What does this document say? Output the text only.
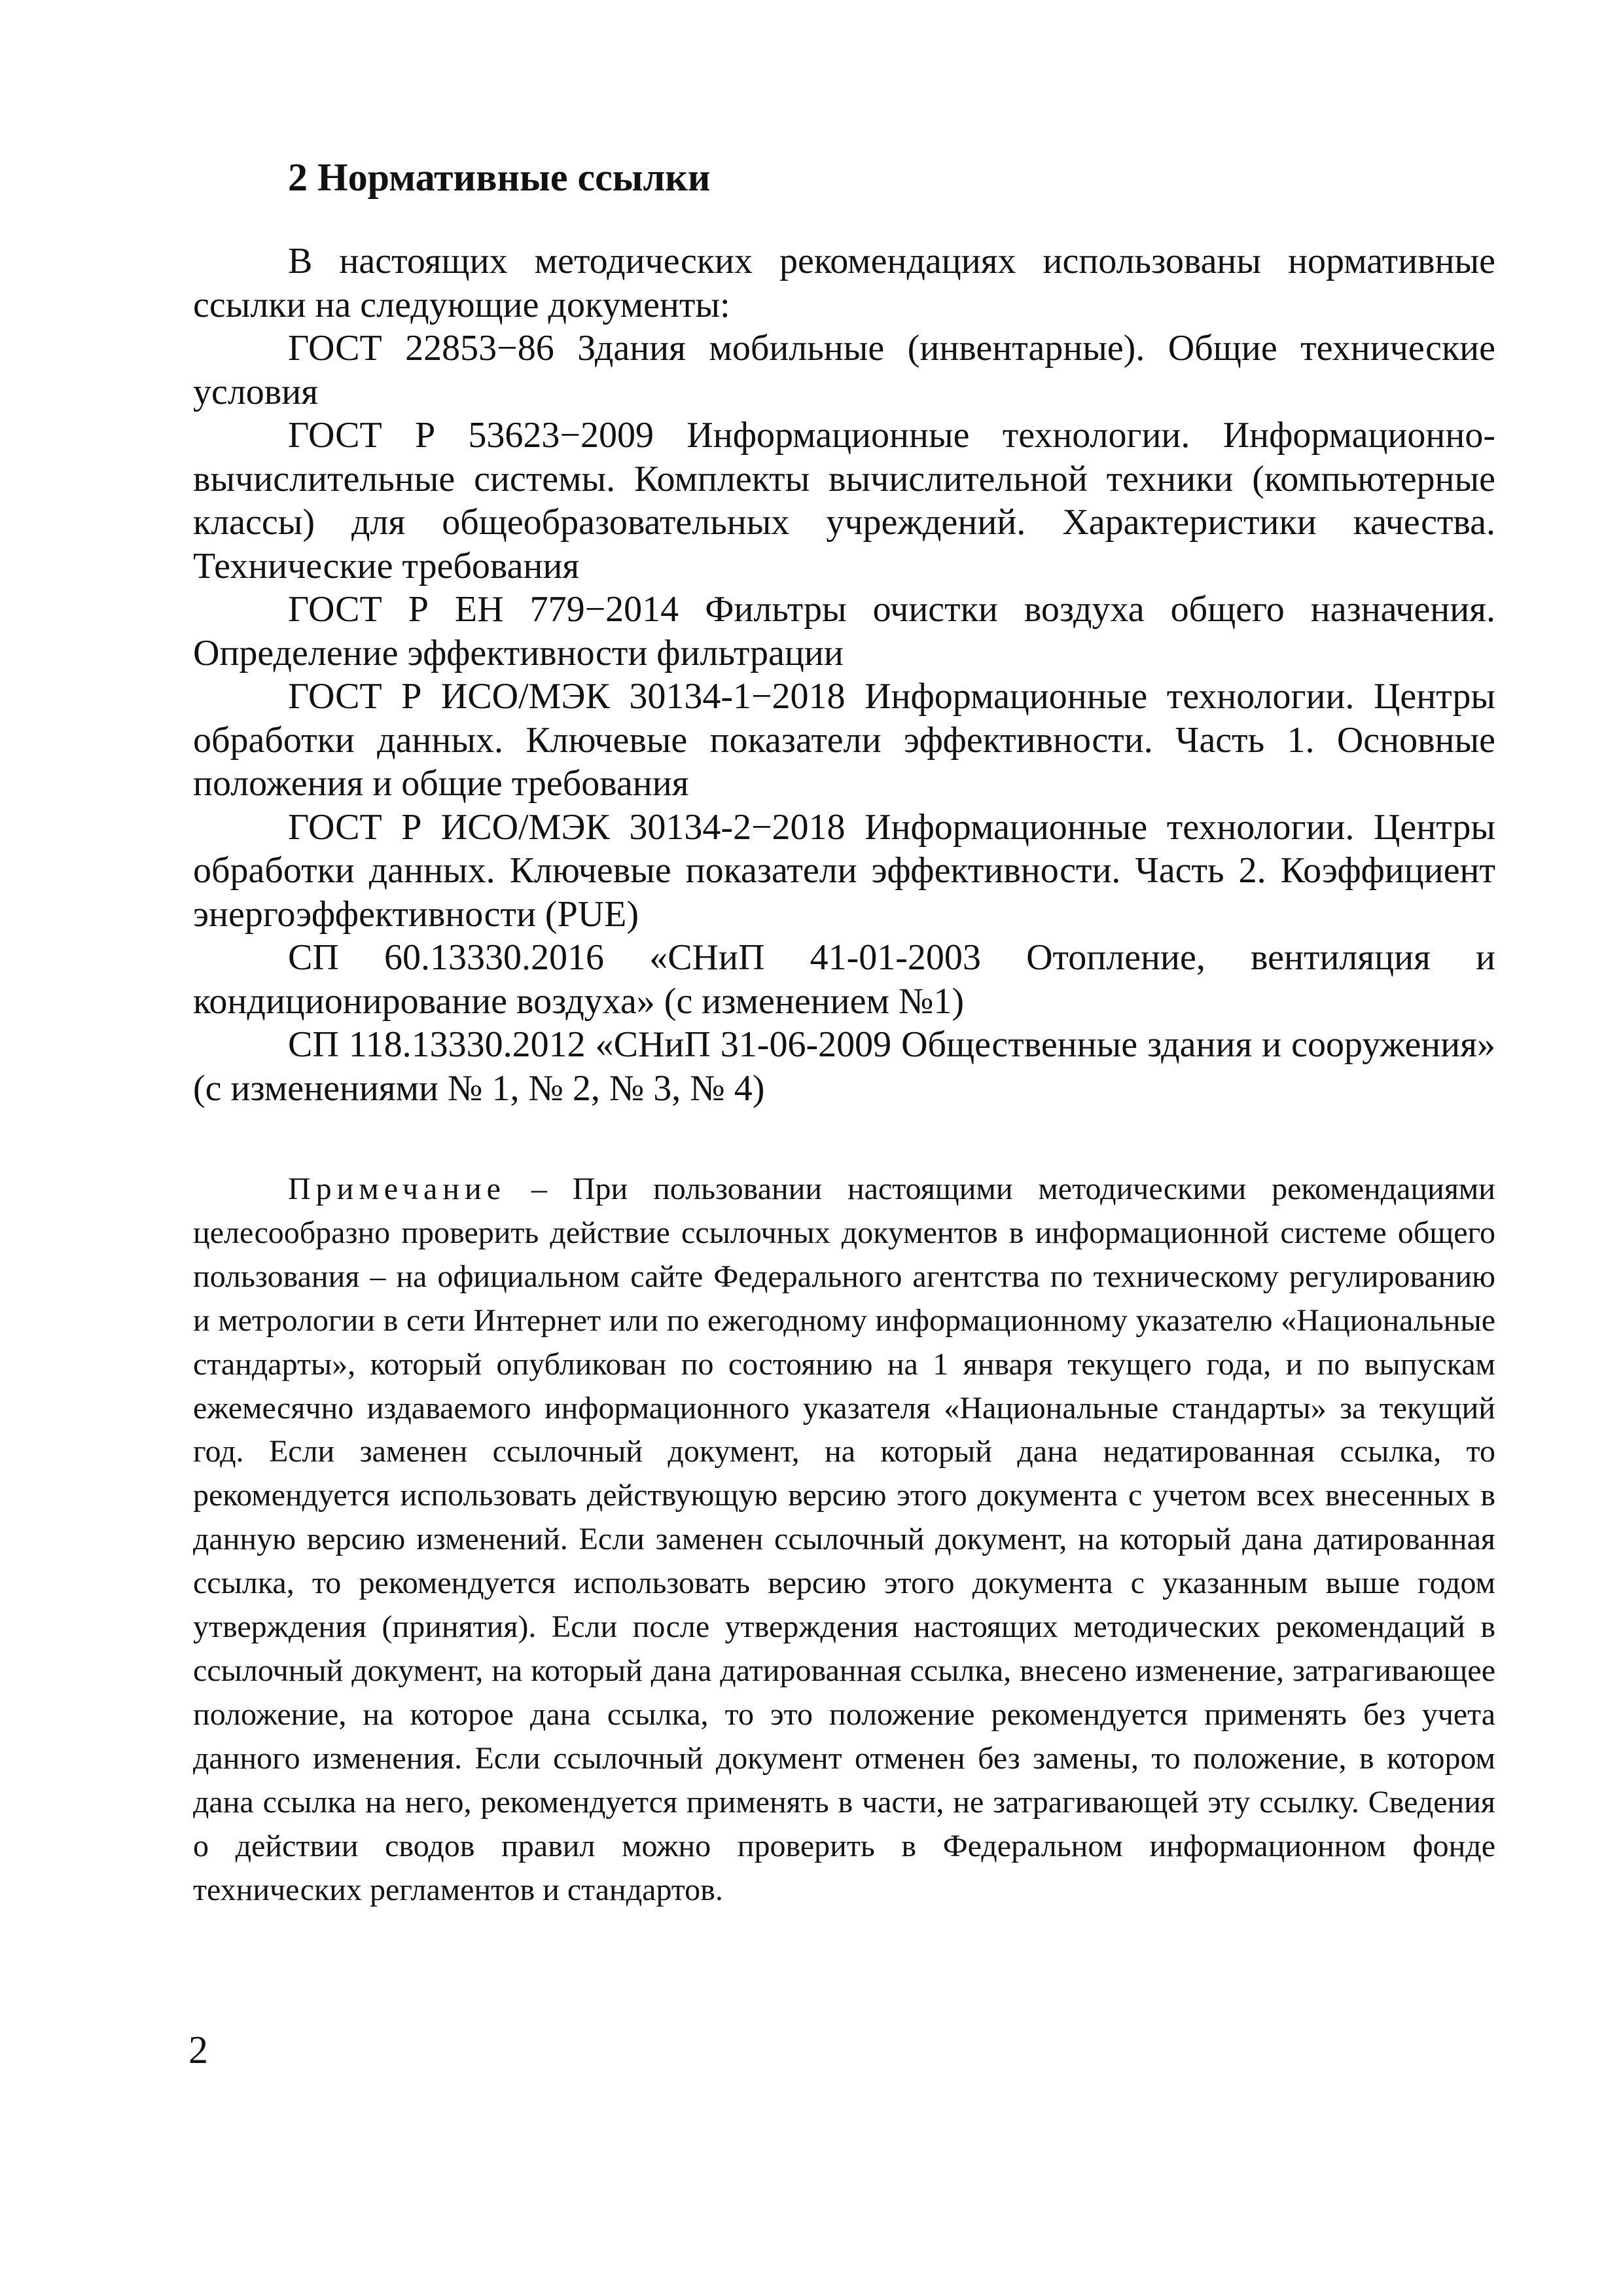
2 Нормативные ссылки

В настоящих методических рекомендациях использованы нормативные ссылки на следующие документы:

ГОСТ 22853−86 Здания мобильные (инвентарные). Общие технические условия

ГОСТ Р 53623−2009 Информационные технологии. Информационно-вычислительные системы. Комплекты вычислительной техники (компьютерные классы) для общеобразовательных учреждений. Характеристики качества. Технические требования

ГОСТ Р ЕН 779−2014 Фильтры очистки воздуха общего назначения. Определение эффективности фильтрации

ГОСТ Р ИСО/МЭК 30134-1−2018 Информационные технологии. Центры обработки данных. Ключевые показатели эффективности. Часть 1. Основные положения и общие требования

ГОСТ Р ИСО/МЭК 30134-2−2018 Информационные технологии. Центры обработки данных. Ключевые показатели эффективности. Часть 2. Коэффициент энергоэффективности (PUE)

СП 60.13330.2016 «СНиП 41-01-2003 Отопление, вентиляция и кондиционирование воздуха» (с изменением №1)

СП 118.13330.2012 «СНиП 31-06-2009 Общественные здания и сооружения» (с изменениями № 1, № 2, № 3, № 4)

Примечание – При пользовании настоящими методическими рекомендациями целесообразно проверить действие ссылочных документов в информационной системе общего пользования – на официальном сайте Федерального агентства по техническому регулированию и метрологии в сети Интернет или по ежегодному информационному указателю «Национальные стандарты», который опубликован по состоянию на 1 января текущего года, и по выпускам ежемесячно издаваемого информационного указателя «Национальные стандарты» за текущий год. Если заменен ссылочный документ, на который дана недатированная ссылка, то рекомендуется использовать действующую версию этого документа с учетом всех внесенных в данную версию изменений. Если заменен ссылочный документ, на который дана датированная ссылка, то рекомендуется использовать версию этого документа с указанным выше годом утверждения (принятия). Если после утверждения настоящих методических рекомендаций в ссылочный документ, на который дана датированная ссылка, внесено изменение, затрагивающее положение, на которое дана ссылка, то это положение рекомендуется применять без учета данного изменения. Если ссылочный документ отменен без замены, то положение, в котором дана ссылка на него, рекомендуется применять в части, не затрагивающей эту ссылку. Сведения о действии сводов правил можно проверить в Федеральном информационном фонде технических регламентов и стандартов.

2
